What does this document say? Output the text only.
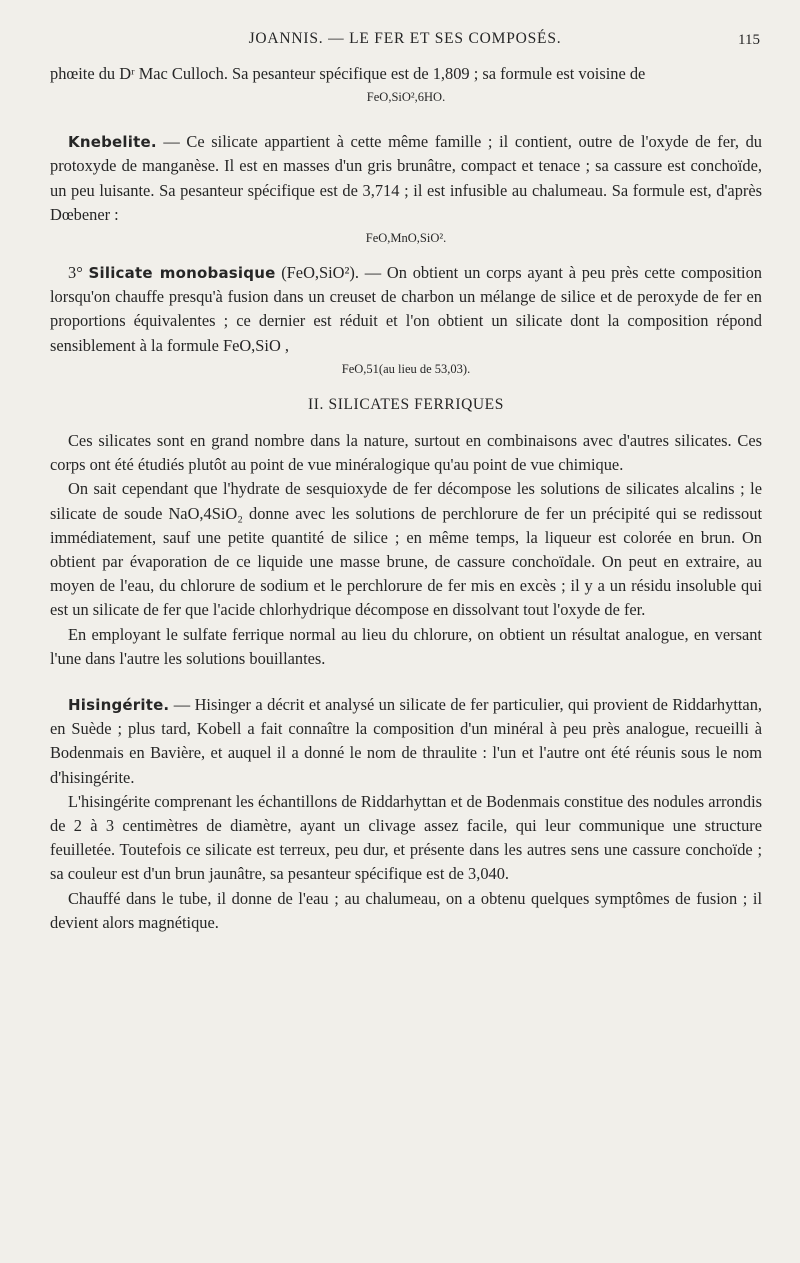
JOANNIS. — LE FER ET SES COMPOSÉS.	115

phœite du Dʳ Mac Culloch. Sa pesanteur spécifique est de 1,809 ; sa formule est voisine de

FeO,SiO²,6HO.

Knebelite. — Ce silicate appartient à cette même famille ; il contient, outre de l'oxyde de fer, du protoxyde de manganèse. Il est en masses d'un gris brunâtre, compact et tenace ; sa cassure est conchoïde, un peu luisante. Sa pesanteur spécifique est de 3,714 ; il est infusible au chalumeau. Sa formule est, d'après Dœbener :

FeO,MnO,SiO².

3° Silicate monobasique (FeO,SiO²). — On obtient un corps ayant à peu près cette composition lorsqu'on chauffe presqu'à fusion dans un creuset de charbon un mélange de silice et de peroxyde de fer en proportions équivalentes ; ce dernier est réduit et l'on obtient un silicate dont la composition répond sensiblement à la formule FeO,SiO ,

FeO,51(au lieu de 53,03).
II. SILICATES FERRIQUES

Ces silicates sont en grand nombre dans la nature, surtout en combinaisons avec d'autres silicates. Ces corps ont été étudiés plutôt au point de vue minéralogique qu'au point de vue chimique.

On sait cependant que l'hydrate de sesquioxyde de fer décompose les solutions de silicates alcalins ; le silicate de soude NaO,4SiO₂ donne avec les solutions de perchlorure de fer un précipité qui se redissout immédiatement, sauf une petite quantité de silice ; en même temps, la liqueur est colorée en brun. On obtient par évaporation de ce liquide une masse brune, de cassure conchoïdale. On peut en extraire, au moyen de l'eau, du chlorure de sodium et le perchlorure de fer mis en excès ; il y a un résidu insoluble qui est un silicate de fer que l'acide chlorhydrique décompose en dissolvant tout l'oxyde de fer.

En employant le sulfate ferrique normal au lieu du chlorure, on obtient un résultat analogue, en versant l'une dans l'autre les solutions bouillantes.

Hisingérite. — Hisinger a décrit et analysé un silicate de fer particulier, qui provient de Riddarhyttan, en Suède ; plus tard, Kobell a fait connaître la composition d'un minéral à peu près analogue, recueilli à Bodenmais en Bavière, et auquel il a donné le nom de thraulite : l'un et l'autre ont été réunis sous le nom d'hisingérite.

L'hisingérite comprenant les échantillons de Riddarhyttan et de Bodenmais constitue des nodules arrondis de 2 à 3 centimètres de diamètre, ayant un clivage assez facile, qui leur communique une structure feuilletée. Toutefois ce silicate est terreux, peu dur, et présente dans les autres sens une cassure conchoïde ; sa couleur est d'un brun jaunâtre, sa pesanteur spécifique est de 3,040.

Chauffé dans le tube, il donne de l'eau ; au chalumeau, on a obtenu quelques symptômes de fusion ; il devient alors magnétique.
